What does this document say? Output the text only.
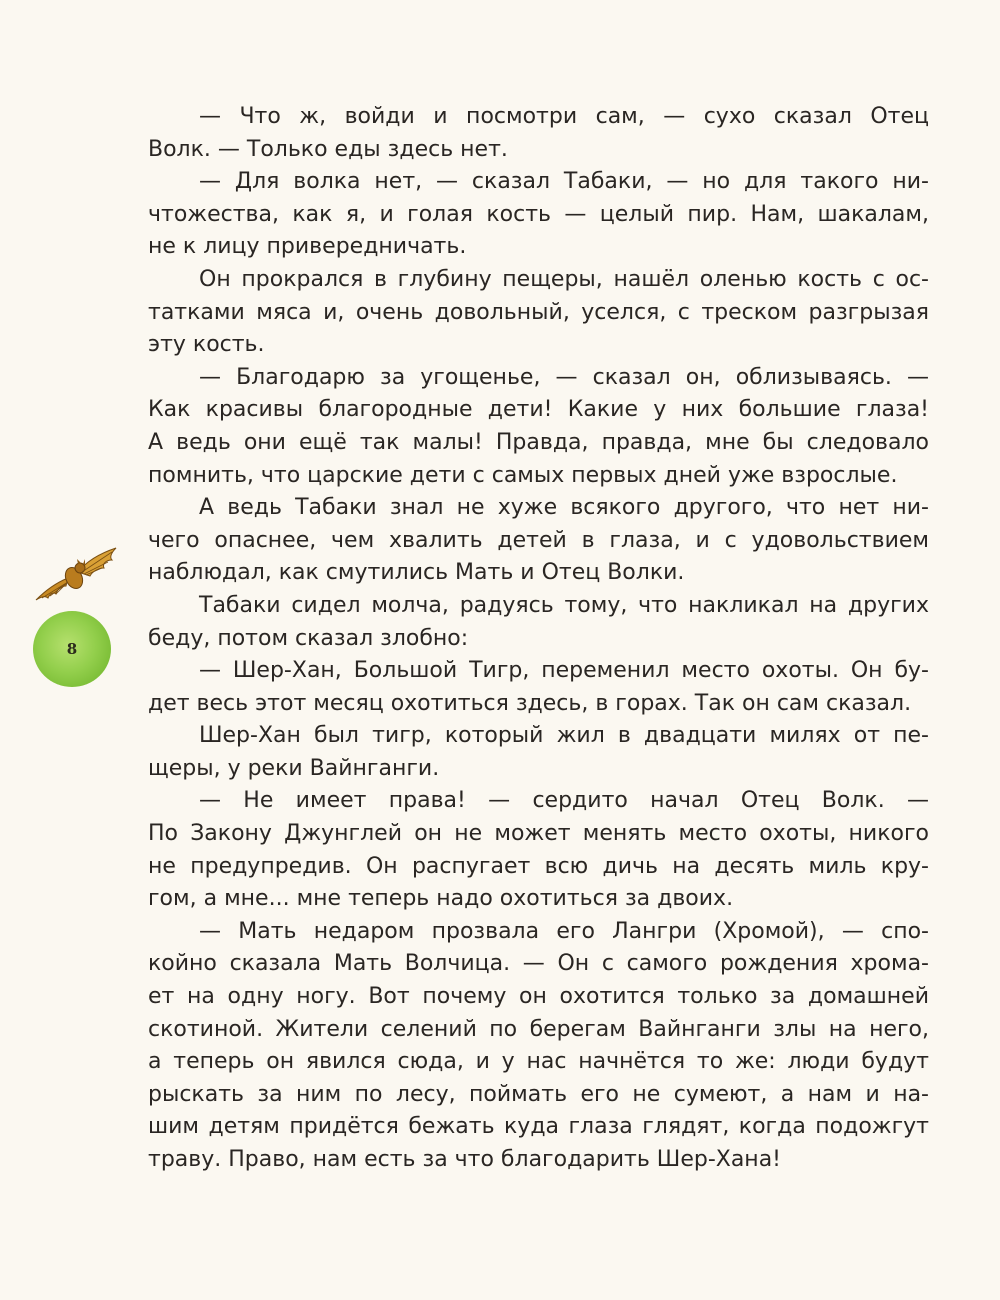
— Что ж, войди и посмотри сам, — сухо сказал Отец
Волк. — Только еды здесь нет.
— Для волка нет, — сказал Табаки, — но для такого ни-
чтожества, как я, и голая кость — целый пир. Нам, шакалам,
не к лицу привередничать.
Он прокрался в глубину пещеры, нашёл оленью кость с ос-
татками мяса и, очень довольный, уселся, с треском разгрызая
эту кость.
— Благодарю за угощенье, — сказал он, облизываясь. —
Как красивы благородные дети! Какие у них большие глаза!
А ведь они ещё так малы! Правда, правда, мне бы следовало
помнить, что царские дети с самых первых дней уже взрослые.
А ведь Табаки знал не хуже всякого другого, что нет ни-
чего опаснее, чем хвалить детей в глаза, и с удовольствием
наблюдал, как смутились Мать и Отец Волки.
Табаки сидел молча, радуясь тому, что накликал на других
беду, потом сказал злобно:
— Шер-Хан, Большой Тигр, переменил место охоты. Он бу-
дет весь этот месяц охотиться здесь, в горах. Так он сам сказал.
Шер-Хан был тигр, который жил в двадцати милях от пе-
щеры, у реки Вайнганги.
— Не имеет права! — сердито начал Отец Волк. —
По Закону Джунглей он не может менять место охоты, никого
не предупредив. Он распугает всю дичь на десять миль кру-
гом, а мне... мне теперь надо охотиться за двоих.
— Мать недаром прозвала его Лангри (Хромой), — спо-
койно сказала Мать Волчица. — Он с самого рождения хрома-
ет на одну ногу. Вот почему он охотится только за домашней
скотиной. Жители селений по берегам Вайнганги злы на него,
а теперь он явился сюда, и у нас начнётся то же: люди будут
рыскать за ним по лесу, поймать его не сумеют, а нам и на-
шим детям придётся бежать куда глаза глядят, когда подожгут
траву. Право, нам есть за что благодарить Шер-Хана!
8
